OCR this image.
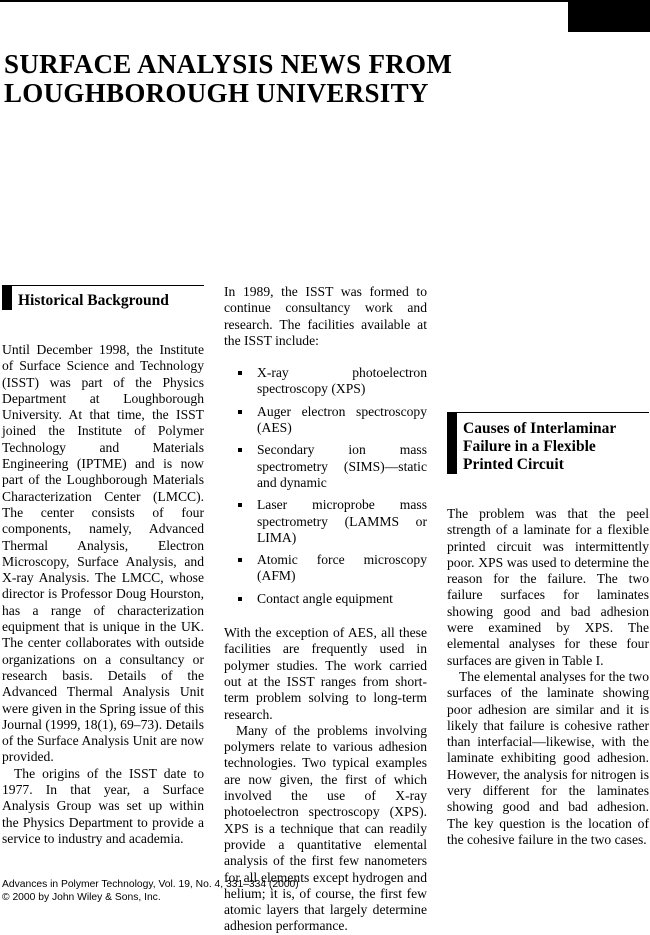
SURFACE ANALYSIS NEWS FROM LOUGHBOROUGH UNIVERSITY
Historical Background

Until December 1998, the Institute of Surface Science and Technology (ISST) was part of the Physics Department at Loughborough University. At that time, the ISST joined the Institute of Polymer Technology and Materials Engineering (IPTME) and is now part of the Loughborough Materials Characterization Center (LMCC). The center consists of four components, namely, Advanced Thermal Analysis, Electron Microscopy, Surface Analysis, and X-ray Analysis. The LMCC, whose director is Professor Doug Hourston, has a range of characterization equipment that is unique in the UK. The center collaborates with outside organizations on a consultancy or research basis. Details of the Advanced Thermal Analysis Unit were given in the Spring issue of this Journal (1999, 18(1), 69–73). Details of the Surface Analysis Unit are now provided.

The origins of the ISST date to 1977. In that year, a Surface Analysis Group was set up within the Physics Department to provide a service to industry and academia.

In 1989, the ISST was formed to continue consultancy work and research. The facilities available at the ISST include:

X-ray photoelectron spectroscopy (XPS)
Auger electron spectroscopy (AES)
Secondary ion mass spectrometry (SIMS)—static and dynamic
Laser microprobe mass spectrometry (LAMMS or LIMA)
Atomic force microscopy (AFM)
Contact angle equipment

With the exception of AES, all these facilities are frequently used in polymer studies. The work carried out at the ISST ranges from short-term problem solving to long-term research.

Many of the problems involving polymers relate to various adhesion technologies. Two typical examples are now given, the first of which involved the use of X-ray photoelectron spectroscopy (XPS). XPS is a technique that can readily provide a quantitative elemental analysis of the first few nanometers for all elements except hydrogen and helium; it is, of course, the first few atomic layers that largely determine adhesion performance.

Causes of Interlaminar Failure in a Flexible Printed Circuit

The problem was that the peel strength of a laminate for a flexible printed circuit was intermittently poor. XPS was used to determine the reason for the failure. The two failure surfaces for laminates showing good and bad adhesion were examined by XPS. The elemental analyses for these four surfaces are given in Table I.

The elemental analyses for the two surfaces of the laminate showing poor adhesion are similar and it is likely that failure is cohesive rather than interfacial—likewise, with the laminate exhibiting good adhesion. However, the analysis for nitrogen is very different for the laminates showing good and bad adhesion. The key question is the location of the cohesive failure in the two cases.

Advances in Polymer Technology, Vol. 19, No. 4, 331–334 (2000)
© 2000 by John Wiley & Sons, Inc.
